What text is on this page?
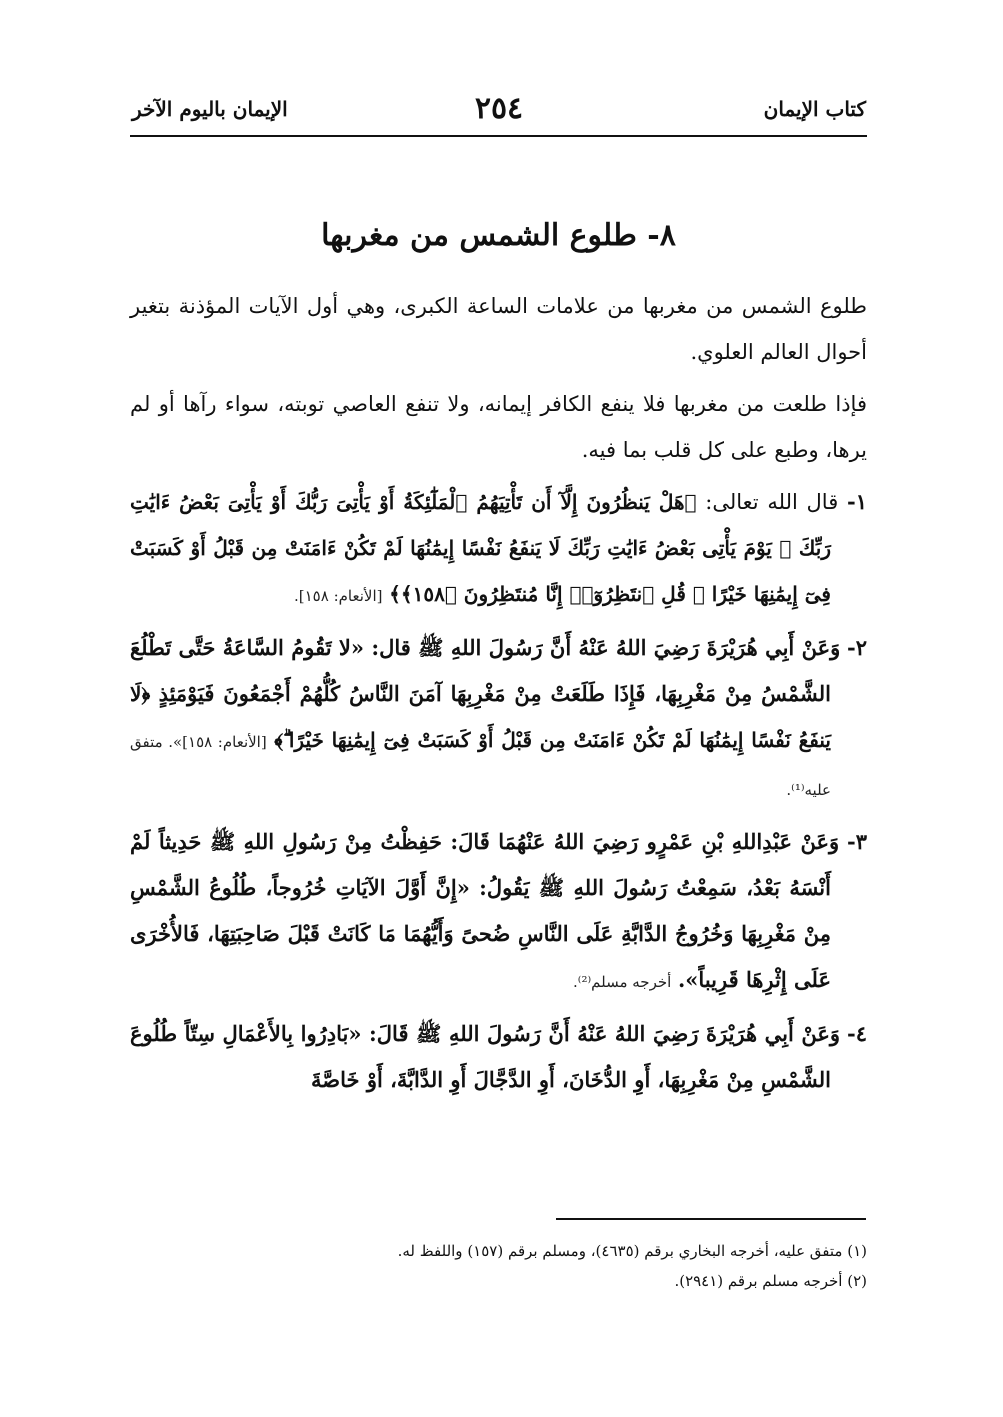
كتاب الإيمان
٢٥٤
الإيمان باليوم الآخر
٨- طلوع الشمس من مغربها

طلوع الشمس من مغربها من علامات الساعة الكبرى، وهي أول الآيات المؤذنة بتغير أحوال العالم العلوي.

فإذا طلعت من مغربها فلا ينفع الكافر إيمانه، ولا تنفع العاصي توبته، سواء رآها أو لم يرها، وطبع على كل قلب بما فيه.

١- قال الله تعالى: ﴿هَلْ يَنظُرُونَ إِلَّآ أَن تَأْتِيَهُمُ ٱلْمَلَٰٓئِكَةُ أَوْ يَأْتِىَ رَبُّكَ أَوْ يَأْتِىَ بَعْضُ ءَايَٰتِ رَبِّكَ ۗ يَوْمَ يَأْتِى بَعْضُ ءَايَٰتِ رَبِّكَ لَا يَنفَعُ نَفْسًا إِيمَٰنُهَا لَمْ تَكُنْ ءَامَنَتْ مِن قَبْلُ أَوْ كَسَبَتْ فِىٓ إِيمَٰنِهَا خَيْرًا ۗ قُلِ ٱنتَظِرُوٓا۟ إِنَّا مُنتَظِرُونَ ﴿١٥٨﴾﴾ [الأنعام: ١٥٨].

٢- وَعَنْ أَبِي هُرَيْرَةَ رَضِيَ اللهُ عَنْهُ أَنَّ رَسُولَ اللهِ ﷺ قال: «لا تَقُومُ السَّاعَةُ حَتَّى تَطْلُعَ الشَّمْسُ مِنْ مَغْرِبِهَا، فَإِذَا طَلَعَتْ مِنْ مَغْرِبِهَا آمَنَ النَّاسُ كُلُّهُمْ أَجْمَعُونَ فَيَوْمَئِذٍ ﴿لَا يَنفَعُ نَفْسًا إِيمَٰنُهَا لَمْ تَكُنْ ءَامَنَتْ مِن قَبْلُ أَوْ كَسَبَتْ فِىٓ إِيمَٰنِهَا خَيْرًا ۗ﴾ [الأنعام: ١٥٨]». متفق عليه⁽¹⁾.

٣- وَعَنْ عَبْدِاللهِ بْنِ عَمْرٍو رَضِيَ اللهُ عَنْهُمَا قَالَ: حَفِظْتُ مِنْ رَسُولِ اللهِ ﷺ حَدِيثاً لَمْ أَنْسَهُ بَعْدُ، سَمِعْتُ رَسُولَ اللهِ ﷺ يَقُولُ: «إِنَّ أَوَّلَ الآيَاتِ خُرُوجاً، طُلُوعُ الشَّمْسِ مِنْ مَغْرِبِهَا وَخُرُوجُ الدَّابَّةِ عَلَى النَّاسِ ضُحىً وَأَيُّهُمَا مَا كَانَتْ قَبْلَ صَاحِبَتِهَا، فَالأُخْرَى عَلَى إِثْرِهَا قَرِيباً». أخرجه مسلم⁽²⁾.

٤- وَعَنْ أَبِي هُرَيْرَةَ رَضِيَ اللهُ عَنْهُ أَنَّ رَسُولَ اللهِ ﷺ قَالَ: «بَادِرُوا بِالأَعْمَالِ سِتّاً طُلُوعَ الشَّمْسِ مِنْ مَغْرِبِهَا، أَوِ الدُّخَانَ، أَوِ الدَّجَّالَ أَوِ الدَّابَّةَ، أَوْ خَاصَّةَ

(١) متفق عليه، أخرجه البخاري برقم (٤٦٣٥)، ومسلم برقم (١٥٧) واللفظ له.

(٢) أخرجه مسلم برقم (٢٩٤١).
